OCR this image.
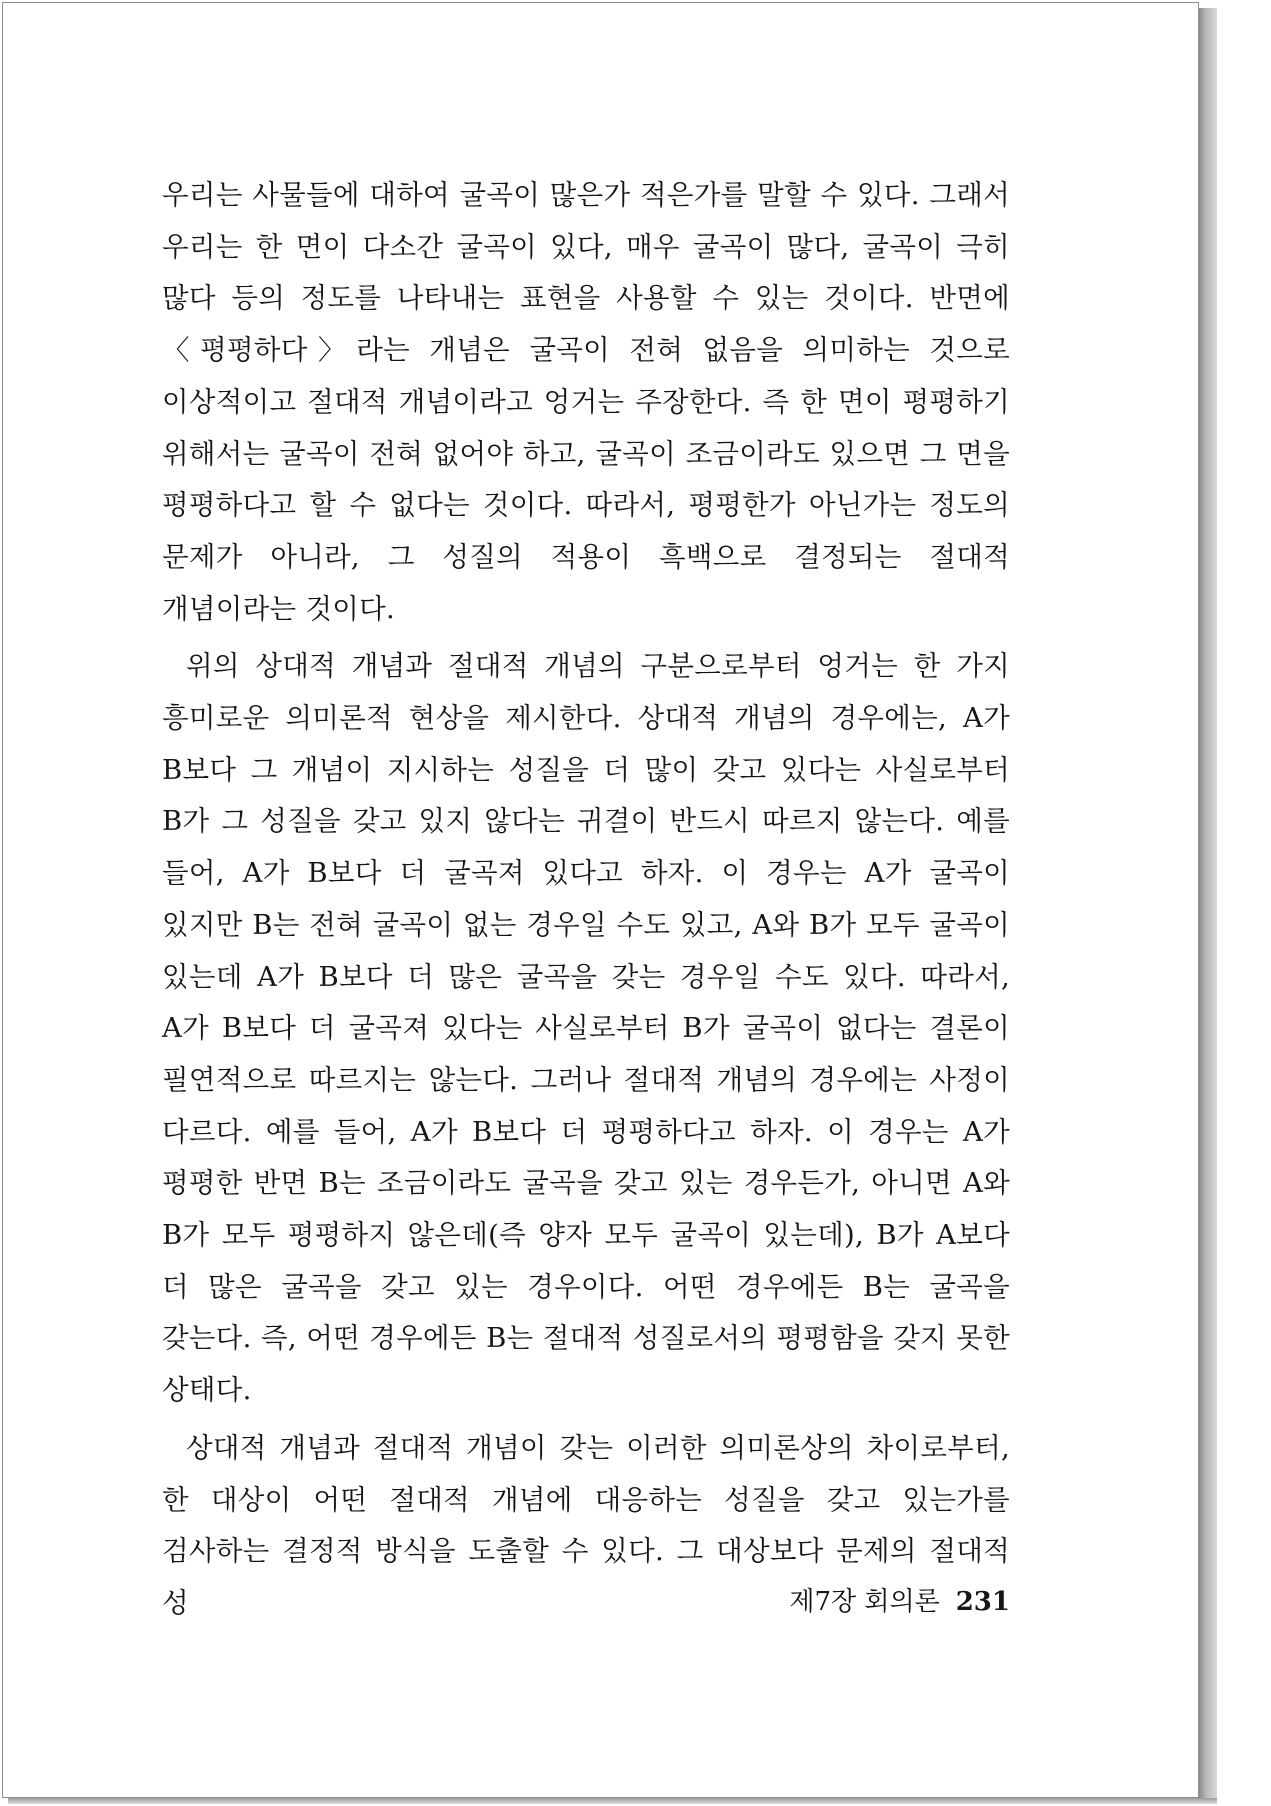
우리는 사물들에 대하여 굴곡이 많은가 적은가를 말할 수 있다. 그래서 우리는 한 면이 다소간 굴곡이 있다, 매우 굴곡이 많다, 굴곡이 극히 많다 등의 정도를 나타내는 표현을 사용할 수 있는 것이다. 반면에 〈평평하다〉라는 개념은 굴곡이 전혀 없음을 의미하는 것으로 이상적이고 절대적 개념이라고 엉거는 주장한다. 즉 한 면이 평평하기 위해서는 굴곡이 전혀 없어야 하고, 굴곡이 조금이라도 있으면 그 면을 평평하다고 할 수 없다는 것이다. 따라서, 평평한가 아닌가는 정도의 문제가 아니라, 그 성질의 적용이 흑백으로 결정되는 절대적 개념이라는 것이다.

위의 상대적 개념과 절대적 개념의 구분으로부터 엉거는 한 가지 흥미로운 의미론적 현상을 제시한다. 상대적 개념의 경우에는, A가 B보다 그 개념이 지시하는 성질을 더 많이 갖고 있다는 사실로부터 B가 그 성질을 갖고 있지 않다는 귀결이 반드시 따르지 않는다. 예를 들어, A가 B보다 더 굴곡져 있다고 하자. 이 경우는 A가 굴곡이 있지만 B는 전혀 굴곡이 없는 경우일 수도 있고, A와 B가 모두 굴곡이 있는데 A가 B보다 더 많은 굴곡을 갖는 경우일 수도 있다. 따라서, A가 B보다 더 굴곡져 있다는 사실로부터 B가 굴곡이 없다는 결론이 필연적으로 따르지는 않는다. 그러나 절대적 개념의 경우에는 사정이 다르다. 예를 들어, A가 B보다 더 평평하다고 하자. 이 경우는 A가 평평한 반면 B는 조금이라도 굴곡을 갖고 있는 경우든가, 아니면 A와 B가 모두 평평하지 않은데(즉 양자 모두 굴곡이 있는데), B가 A보다 더 많은 굴곡을 갖고 있는 경우이다. 어떤 경우에든 B는 굴곡을 갖는다. 즉, 어떤 경우에든 B는 절대적 성질로서의 평평함을 갖지 못한 상태다.

상대적 개념과 절대적 개념이 갖는 이러한 의미론상의 차이로부터, 한 대상이 어떤 절대적 개념에 대응하는 성질을 갖고 있는가를 검사하는 결정적 방식을 도출할 수 있다. 그 대상보다 문제의 절대적 성	제7장 회의론 231
